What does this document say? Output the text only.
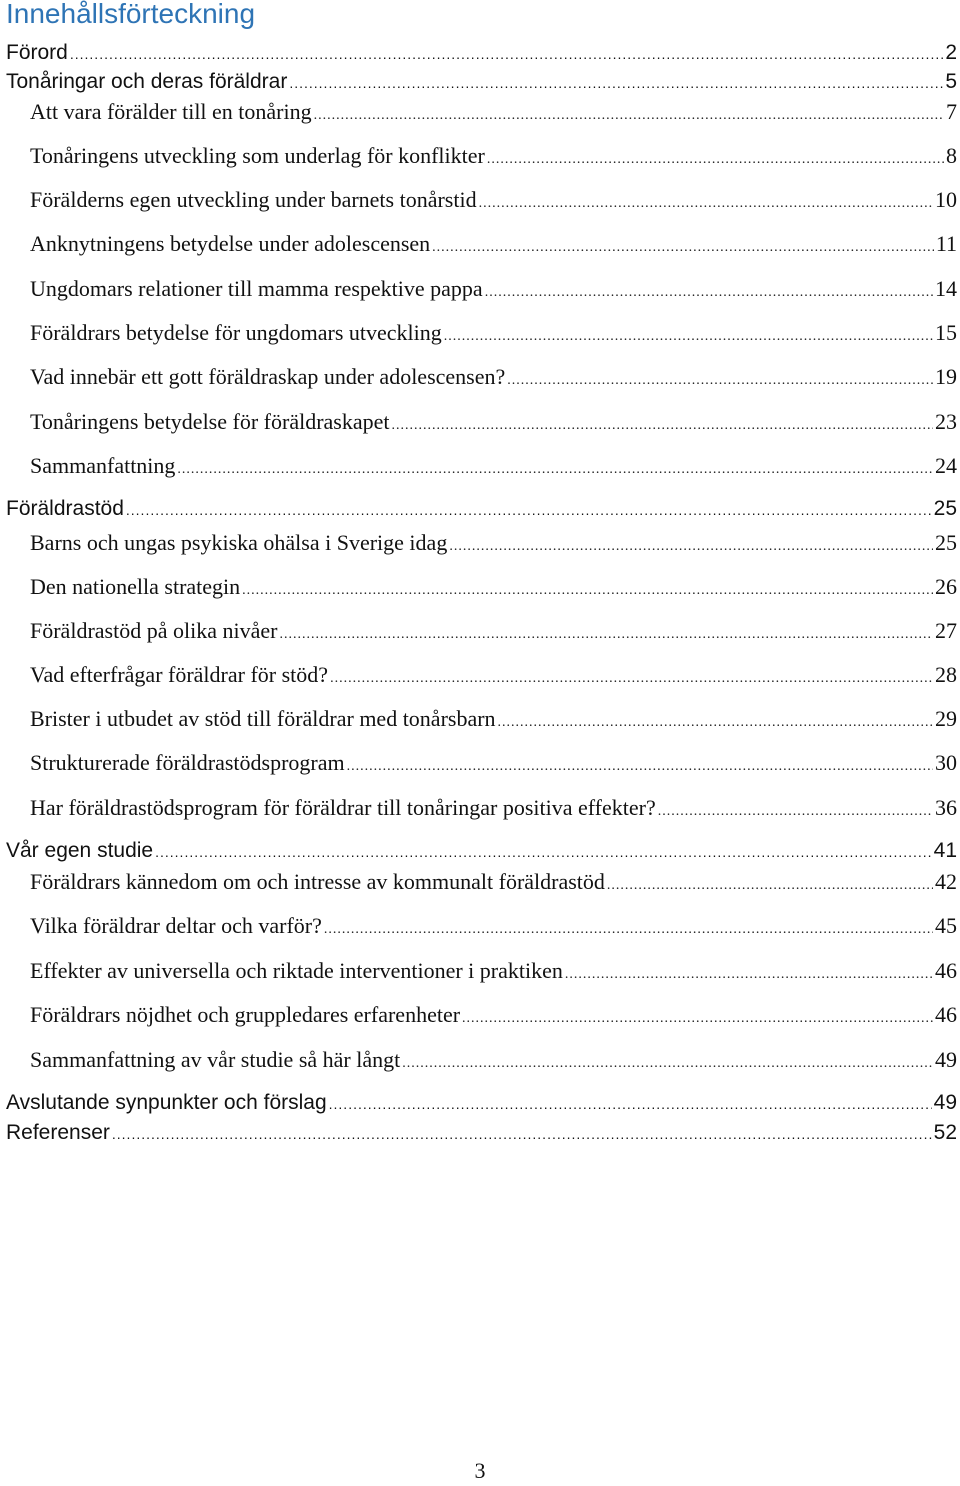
Innehållsförteckning
Förord .....	2
Tonåringar och deras föräldrar .....	5
Att vara förälder till en tonåring .....	7
Tonåringens utveckling som underlag för konflikter .....	8
Förälderns egen utveckling under barnets tonårstid .....	10
Anknytningens betydelse under adolescensen .....	11
Ungdomars relationer till mamma respektive pappa .....	14
Föräldrars betydelse för ungdomars utveckling .....	15
Vad innebär ett gott föräldraskap under adolescensen? .....	19
Tonåringens betydelse för föräldraskapet .....	23
Sammanfattning .....	24
Föräldrastöd .....	25
Barns och ungas psykiska ohälsa i Sverige idag .....	25
Den nationella strategin .....	26
Föräldrastöd på olika nivåer .....	27
Vad efterfrågar föräldrar för stöd? .....	28
Brister i utbudet av stöd till föräldrar med tonårsbarn .....	29
Strukturerade föräldrastödsprogram .....	30
Har föräldrastödsprogram för föräldrar till tonåringar positiva effekter? .....	36
Vår egen studie .....	41
Föräldrars kännedom om och intresse av kommunalt föräldrastöd .....	42
Vilka föräldrar deltar och varför? .....	45
Effekter av universella och riktade interventioner i praktiken .....	46
Föräldrars nöjdhet och gruppledares erfarenheter .....	46
Sammanfattning av vår studie så här långt .....	49
Avslutande synpunkter och förslag .....	49
Referenser .....	52
3
